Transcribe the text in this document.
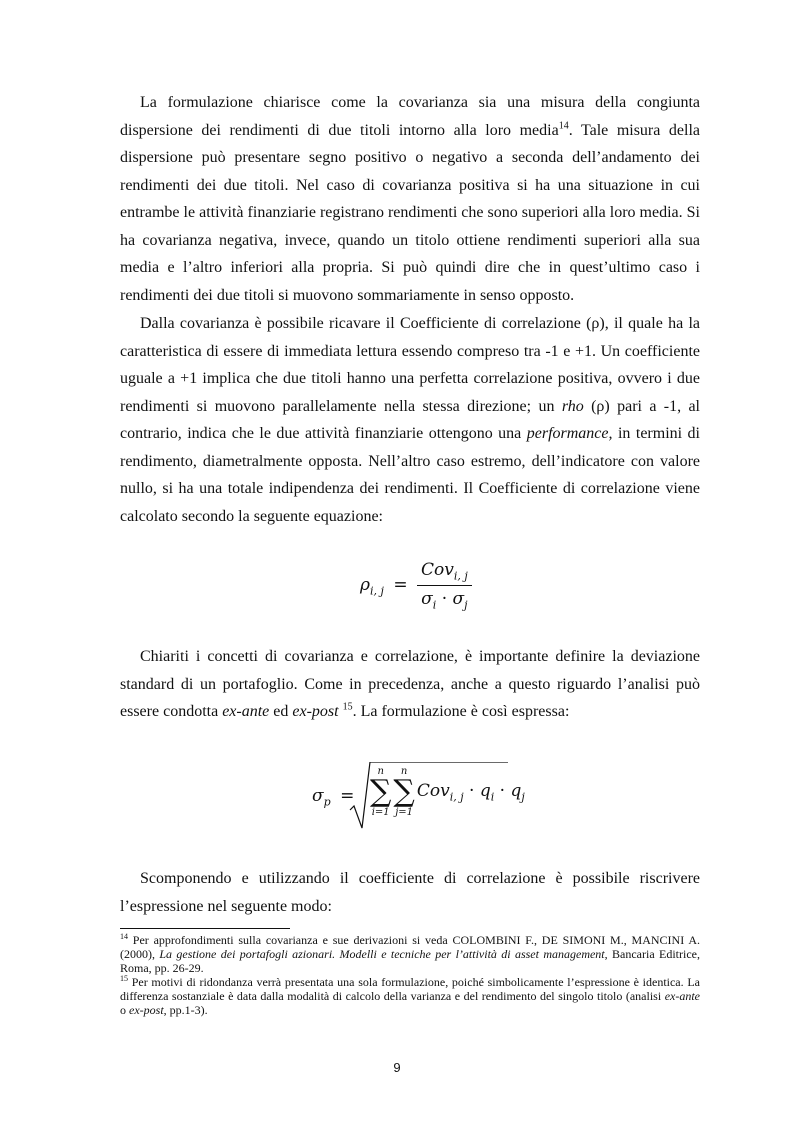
La formulazione chiarisce come la covarianza sia una misura della congiunta dispersione dei rendimenti di due titoli intorno alla loro media$^{14}$. Tale misura della dispersione può presentare segno positivo o negativo a seconda dell’andamento dei rendimenti dei due titoli. Nel caso di covarianza positiva si ha una situazione in cui entrambe le attività finanziarie registrano rendimenti che sono superiori alla loro media. Si ha covarianza negativa, invece, quando un titolo ottiene rendimenti superiori alla sua media e l’altro inferiori alla propria. Si può quindi dire che in quest’ultimo caso i rendimenti dei due titoli si muovono sommariamente in senso opposto.

Dalla covarianza è possibile ricavare il Coefficiente di correlazione (ρ), il quale ha la caratteristica di essere di immediata lettura essendo compreso tra -1 e +1. Un coefficiente uguale a +1 implica che due titoli hanno una perfetta correlazione positiva, ovvero i due rendimenti si muovono parallelamente nella stessa direzione; un rho (ρ) pari a -1, al contrario, indica che le due attività finanziarie ottengono una performance, in termini di rendimento, diametralmente opposta. Nell’altro caso estremo, dell’indicatore con valore nullo, si ha una totale indipendenza dei rendimenti. Il Coefficiente di correlazione viene calcolato secondo la seguente equazione:

$\rho_{i, j} = \frac{Cov_{i, j}}{\sigma_i \cdot \sigma_j}$

Chiariti i concetti di covarianza e correlazione, è importante definire la deviazione standard di un portafoglio. Come in precedenza, anche a questo riguardo l’analisi può essere condotta ex-ante ed ex-post $^{15}$. La formulazione è così espressa:

$\sigma_p$ =
n
∑
i=1
n
∑
j=1
$Cov_{i, j} \cdot q_i \cdot q_j$

Scomponendo e utilizzando il coefficiente di correlazione è possibile riscrivere l’espressione nel seguente modo:

$^{14}$ Per approfondimenti sulla covarianza e sue derivazioni si veda COLOMBINI F., DE SIMONI M., MANCINI A. (2000), La gestione dei portafogli azionari. Modelli e tecniche per l’attività di asset management, Bancaria Editrice, Roma, pp. 26-29.

$^{15}$ Per motivi di ridondanza verrà presentata una sola formulazione, poiché simbolicamente l’espressione è identica. La differenza sostanziale è data dalla modalità di calcolo della varianza e del rendimento del singolo titolo (analisi ex-ante o ex-post, pp.1-3).

9
